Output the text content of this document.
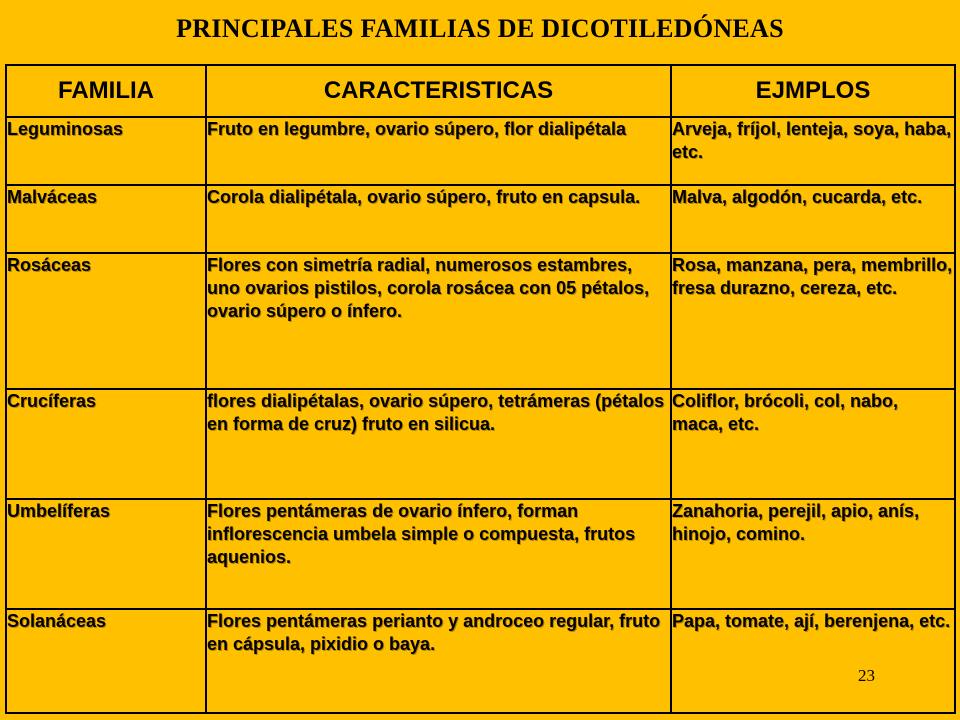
PRINCIPALES FAMILIAS DE DICOTILEDÓNEAS
FAMILIA	CARACTERISTICAS	EJMPLOS
Leguminosas	Fruto en legumbre, ovario súpero, flor dialipétala	Arveja, fríjol, lenteja, soya, haba, etc.
Malváceas	Corola dialipétala, ovario súpero, fruto en capsula.	Malva, algodón, cucarda, etc.
Rosáceas	Flores con simetría radial, numerosos estambres, uno ovarios pistilos, corola rosácea con 05 pétalos, ovario súpero o ínfero.	Rosa, manzana, pera, membrillo, fresa durazno, cereza, etc.
Crucíferas	flores dialipétalas, ovario súpero, tetrámeras (pétalos en forma de cruz) fruto en silicua.	Coliflor, brócoli, col, nabo, maca, etc.
Umbelíferas	Flores pentámeras de ovario ínfero, forman inflorescencia umbela simple o compuesta, frutos aquenios.	Zanahoria, perejil, apio, anís, hinojo, comino.
Solanáceas	Flores pentámeras perianto y androceo regular, fruto en cápsula, pixidio o baya.	Papa, tomate, ají, berenjena, etc.
23
